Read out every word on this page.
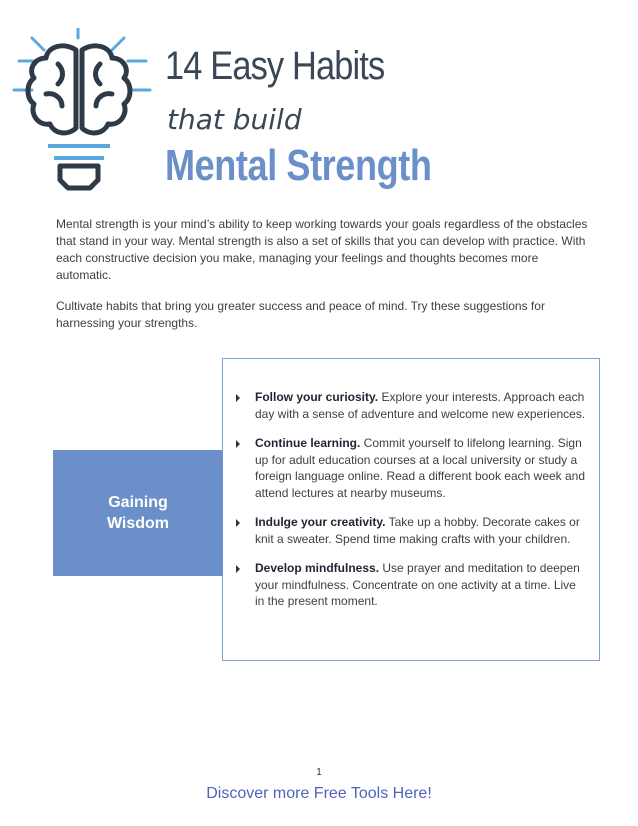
14 Easy Habits
that build
Mental Strength

Mental strength is your mind’s ability to keep working towards your goals regardless of the obstacles that stand in your way. Mental strength is also a set of skills that you can develop with practice. With each constructive decision you make, managing your feelings and thoughts becomes more automatic.

Cultivate habits that bring you greater success and peace of mind. Try these suggestions for harnessing your strengths.

Gaining Wisdom
Follow your curiosity. Explore your interests. Approach each day with a sense of adventure and welcome new experiences.
Continue learning. Commit yourself to lifelong learning. Sign up for adult education courses at a local university or study a foreign language online. Read a different book each week and attend lectures at nearby museums.
Indulge your creativity. Take up a hobby. Decorate cakes or knit a sweater. Spend time making crafts with your children.
Develop mindfulness. Use prayer and meditation to deepen your mindfulness. Concentrate on one activity at a time. Live in the present moment.
1
Discover more Free Tools Here!
